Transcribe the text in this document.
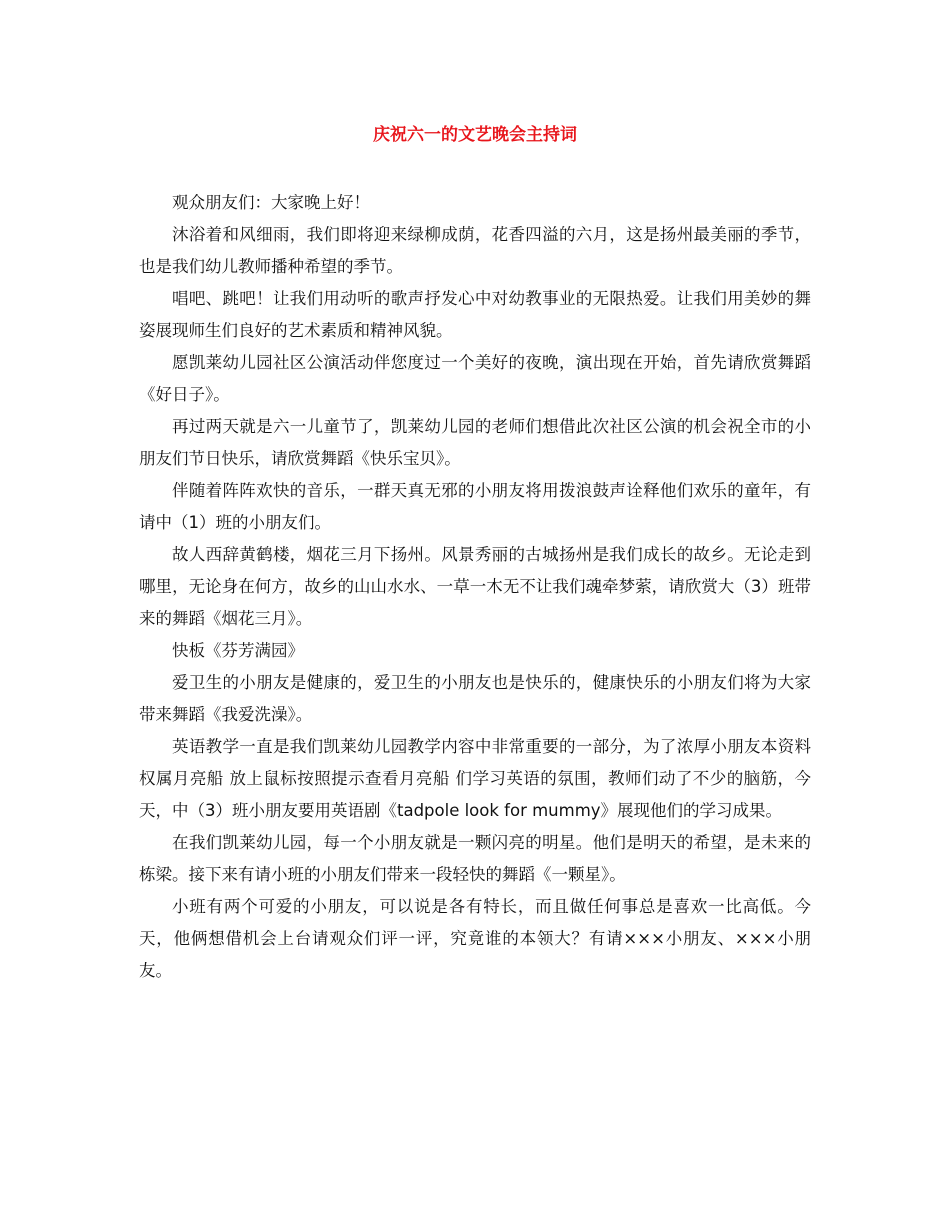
庆祝六一的文艺晚会主持词

观众朋友们：大家晚上好！

沐浴着和风细雨，我们即将迎来绿柳成荫，花香四溢的六月，这是扬州最美丽的季节，也是我们幼儿教师播种希望的季节。

唱吧、跳吧！让我们用动听的歌声抒发心中对幼教事业的无限热爱。让我们用美妙的舞姿展现师生们良好的艺术素质和精神风貌。

愿凯莱幼儿园社区公演活动伴您度过一个美好的夜晚，演出现在开始，首先请欣赏舞蹈《好日子》。

再过两天就是六一儿童节了，凯莱幼儿园的老师们想借此次社区公演的机会祝全市的小朋友们节日快乐，请欣赏舞蹈《快乐宝贝》。

伴随着阵阵欢快的音乐，一群天真无邪的小朋友将用拨浪鼓声诠释他们欢乐的童年，有请中（1）班的小朋友们。

故人西辞黄鹤楼，烟花三月下扬州。风景秀丽的古城扬州是我们成长的故乡。无论走到哪里，无论身在何方，故乡的山山水水、一草一木无不让我们魂牵梦萦，请欣赏大（3）班带来的舞蹈《烟花三月》。

快板《芬芳满园》

爱卫生的小朋友是健康的，爱卫生的小朋友也是快乐的，健康快乐的小朋友们将为大家带来舞蹈《我爱洗澡》。

英语教学一直是我们凯莱幼儿园教学内容中非常重要的一部分，为了浓厚小朋友本资料权属月亮船 放上鼠标按照提示查看月亮船 们学习英语的氛围，教师们动了不少的脑筋，今天，中（3）班小朋友要用英语剧《tadpole look for mummy》展现他们的学习成果。

在我们凯莱幼儿园，每一个小朋友就是一颗闪亮的明星。他们是明天的希望，是未来的栋梁。接下来有请小班的小朋友们带来一段轻快的舞蹈《一颗星》。

小班有两个可爱的小朋友，可以说是各有特长，而且做任何事总是喜欢一比高低。今天，他俩想借机会上台请观众们评一评，究竟谁的本领大？有请×××小朋友、×××小朋友。
